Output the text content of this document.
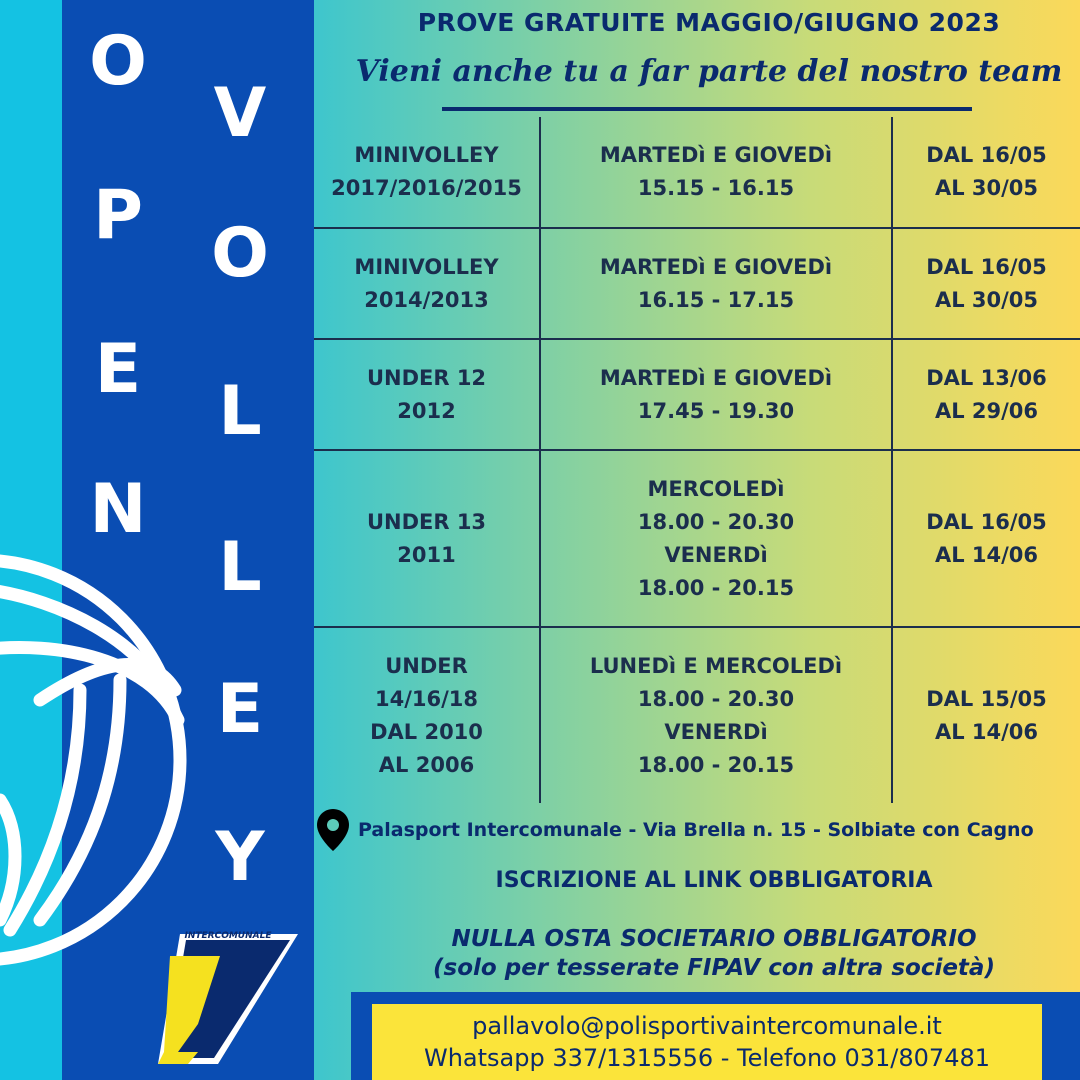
O
P
E
N
V
O
L
L
E
Y
INTERCOMUNALE
PROVE GRATUITE MAGGIO/GIUGNO 2023
Vieni anche tu a far parte del nostro team
MINIVOLLEY
2017/2016/2015
MARTEDì E GIOVEDì
15.15 - 16.15
DAL 16/05
AL 30/05
MINIVOLLEY
2014/2013
MARTEDì E GIOVEDì
16.15 - 17.15
DAL 16/05
AL 30/05
UNDER 12
2012
MARTEDì E GIOVEDì
17.45 - 19.30
DAL 13/06
AL 29/06
UNDER 13
2011
MERCOLEDì
18.00 - 20.30
VENERDì
18.00 - 20.15
DAL 16/05
AL 14/06
UNDER
14/16/18
DAL 2010
AL 2006
LUNEDì E MERCOLEDì
18.00 - 20.30
VENERDì
18.00 - 20.15
DAL 15/05
AL 14/06
Palasport Intercomunale - Via Brella n. 15 - Solbiate con Cagno
ISCRIZIONE AL LINK OBBLIGATORIA
NULLA OSTA SOCIETARIO OBBLIGATORIO
(solo per tesserate FIPAV con altra società)
pallavolo@polisportivaintercomunale.it
Whatsapp 337/1315556 - Telefono 031/807481
